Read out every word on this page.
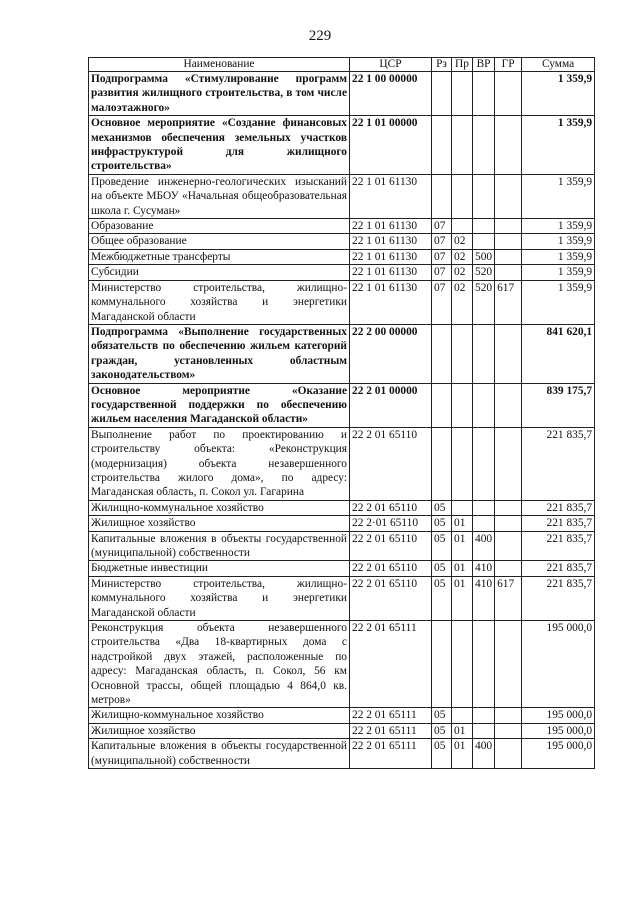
229
Наименование	ЦСР	Рз	Пр	ВР	ГР	Сумма
Подпрограмма «Стимулирование программ развития жилищного строительства, в том числе малоэтажного»	22 1 00 00000					1 359,9
Основное мероприятие «Создание финансовых механизмов обеспечения земельных участков инфраструктурой для жилищного строительства»	22 1 01 00000					1 359,9
Проведение инженерно-геологических изысканий на объекте МБОУ «Начальная общеобразовательная школа г. Сусуман»	22 1 01 61130					1 359,9
Образование	22 1 01 61130	07				1 359,9
Общее образование	22 1 01 61130	07	02			1 359,9
Межбюджетные трансферты	22 1 01 61130	07	02	500		1 359,9
Субсидии	22 1 01 61130	07	02	520		1 359,9
Министерство строительства, жилищно-коммунального хозяйства и энергетики Магаданской области	22 1 01 61130	07	02	520	617	1 359,9
Подпрограмма «Выполнение государственных обязательств по обеспечению жильем категорий граждан, установленных областным законодательством»	22 2 00 00000					841 620,1
Основное мероприятие «Оказание государственной поддержки по обеспечению жильем населения Магаданской области»	22 2 01 00000					839 175,7
Выполнение работ по проектированию и строительству объекта: «Реконструкция (модернизация) объекта незавершенного строительства жилого дома», по адресу: Магаданская область, п. Сокол ул. Гагарина	22 2 01 65110					221 835,7
Жилищно-коммунальное хозяйство	22 2 01 65110	05				221 835,7
Жилищное хозяйство	22 2·01 65110	05	01			221 835,7
Капитальные вложения в объекты государственной (муниципальной) собственности	22 2 01 65110	05	01	400		221 835,7
Бюджетные инвестиции	22 2 01 65110	05	01	410		221 835,7
Министерство строительства, жилищно-коммунального хозяйства и энергетики Магаданской области	22 2 01 65110	05	01	410	617	221 835,7
Реконструкция объекта незавершенного строительства «Два 18-квартирных дома с надстройкой двух этажей, расположенные по адресу: Магаданская область, п. Сокол, 56 км Основной трассы, общей площадью 4 864,0 кв. метров»	22 2 01 65111					195 000,0
Жилищно-коммунальное хозяйство	22 2 01 65111	05				195 000,0
Жилищное хозяйство	22 2 01 65111	05	01			195 000,0
Капитальные вложения в объекты государственной (муниципальной) собственности	22 2 01 65111	05	01	400		195 000,0
